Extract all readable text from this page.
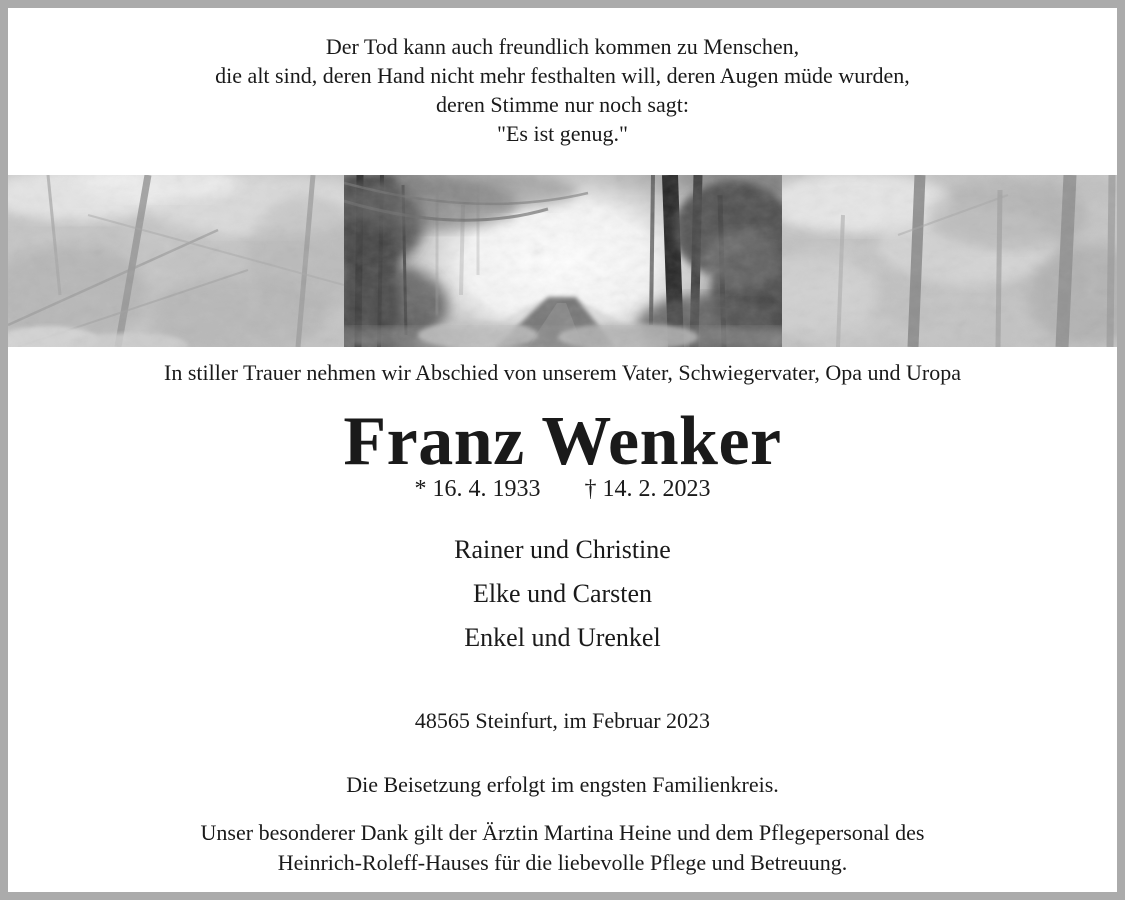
Der Tod kann auch freundlich kommen zu Menschen,
die alt sind, deren Hand nicht mehr festhalten will, deren Augen müde wurden,
deren Stimme nur noch sagt:
"Es ist genug."
In stiller Trauer nehmen wir Abschied von unserem Vater, Schwiegervater, Opa und Uropa
Franz Wenker
* 16. 4. 1933 † 14. 2. 2023
Rainer und Christine
Elke und Carsten
Enkel und Urenkel
48565 Steinfurt, im Februar 2023
Die Beisetzung erfolgt im engsten Familienkreis.
Unser besonderer Dank gilt der Ärztin Martina Heine und dem Pflegepersonal des
Heinrich-Roleff-Hauses für die liebevolle Pflege und Betreuung.
